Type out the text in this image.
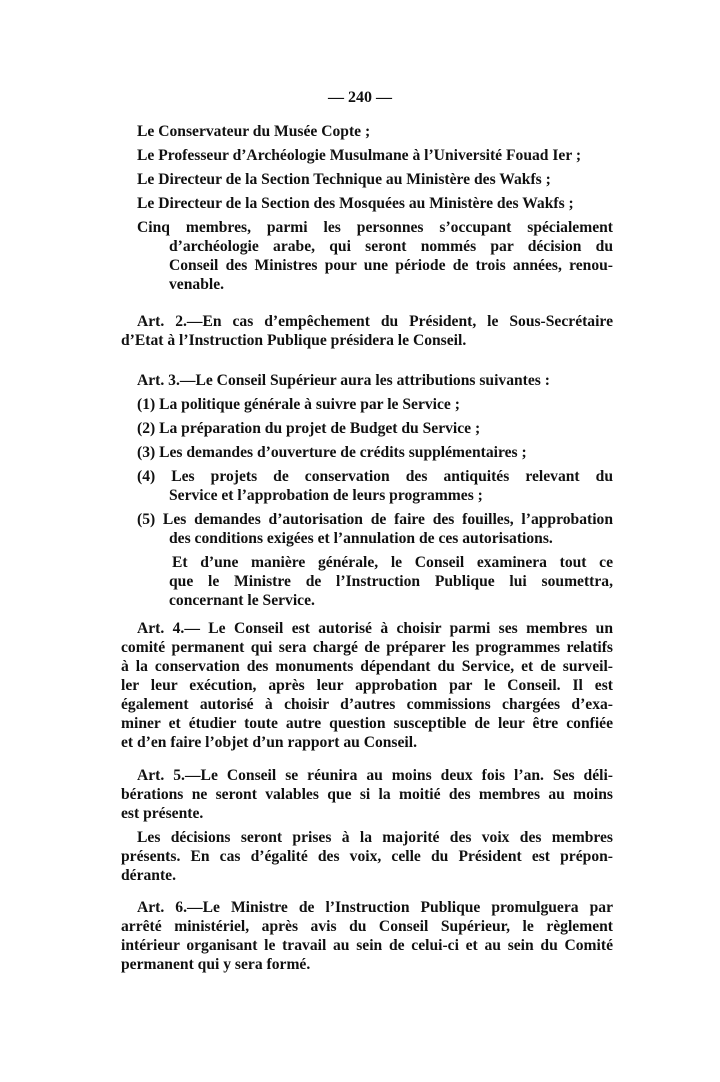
— 240 —
Le Conservateur du Musée Copte ;
Le Professeur d’Archéologie Musulmane à l’Université Fouad Ier ;
Le Directeur de la Section Technique au Ministère des Wakfs ;
Le Directeur de la Section des Mosquées au Ministère des Wakfs ;
Cinq membres, parmi les personnes s’occupant spécialement
d’archéologie arabe, qui seront nommés par décision du
Conseil des Ministres pour une période de trois années, renou-
venable.
Art. 2.—En cas d’empêchement du Président, le Sous-Secrétaire
d’Etat à l’Instruction Publique présidera le Conseil.
Art. 3.—Le Conseil Supérieur aura les attributions suivantes :
(1) La politique générale à suivre par le Service ;
(2) La préparation du projet de Budget du Service ;
(3) Les demandes d’ouverture de crédits supplémentaires ;
(4) Les projets de conservation des antiquités relevant du
Service et l’approbation de leurs programmes ;
(5) Les demandes d’autorisation de faire des fouilles, l’approbation
des conditions exigées et l’annulation de ces autorisations.
Et d’une manière générale, le Conseil examinera tout ce
que le Ministre de l’Instruction Publique lui soumettra,
concernant le Service.
Art. 4.— Le Conseil est autorisé à choisir parmi ses membres un
comité permanent qui sera chargé de préparer les programmes relatifs
à la conservation des monuments dépendant du Service, et de surveil-
ler leur exécution, après leur approbation par le Conseil. Il est
également autorisé à choisir d’autres commissions chargées d’exa-
miner et étudier toute autre question susceptible de leur être confiée
et d’en faire l’objet d’un rapport au Conseil.
Art. 5.—Le Conseil se réunira au moins deux fois l’an. Ses déli-
bérations ne seront valables que si la moitié des membres au moins
est présente.
Les décisions seront prises à la majorité des voix des membres
présents. En cas d’égalité des voix, celle du Président est prépon-
dérante.
Art. 6.—Le Ministre de l’Instruction Publique promulguera par
arrêté ministériel, après avis du Conseil Supérieur, le règlement
intérieur organisant le travail au sein de celui-ci et au sein du Comité
permanent qui y sera formé.
